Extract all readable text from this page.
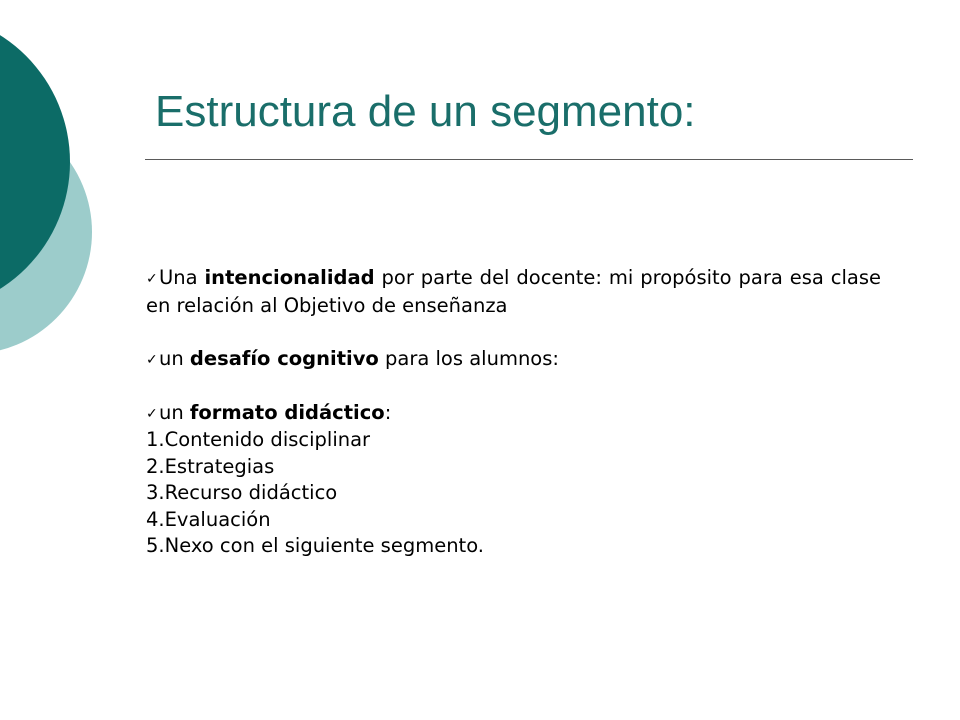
Estructura de un segmento:

✓Una intencionalidad por parte del docente: mi propósito para esa clase en relación al Objetivo de enseñanza

✓un desafío cognitivo para los alumnos:

✓un formato didáctico:

1.Contenido disciplinar
2.Estrategias
3.Recurso didáctico
4.Evaluación
5.Nexo con el siguiente segmento.
